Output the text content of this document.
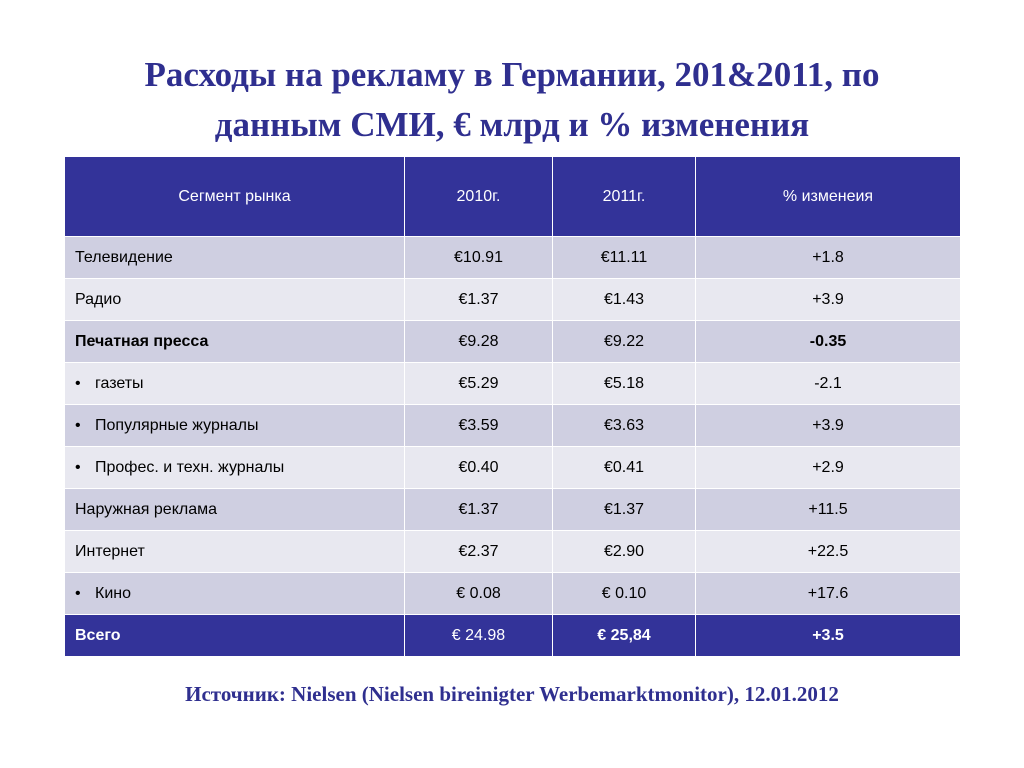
Расходы на рекламу в Германии, 201&2011, по
данным СМИ, € млрд и % изменения
Сегмент рынка	2010г.	2011г.	% изменеия
Телевидение	€10.91	€11.11	+1.8
Радио	€1.37	€1.43	+3.9
Печатная пресса	€9.28	€9.22	-0.35
• газеты	€5.29	€5.18	-2.1
• Популярные журналы	€3.59	€3.63	+3.9
• Профес. и техн. журналы	€0.40	€0.41	+2.9
Наружная реклама	€1.37	€1.37	+11.5
Интернет	€2.37	€2.90	+22.5
• Кино	€ 0.08	€ 0.10	+17.6
Всего	€ 24.98	€ 25,84	+3.5
Источник: Nielsen (Nielsen bireinigter Werbemarktmonitor), 12.01.2012
